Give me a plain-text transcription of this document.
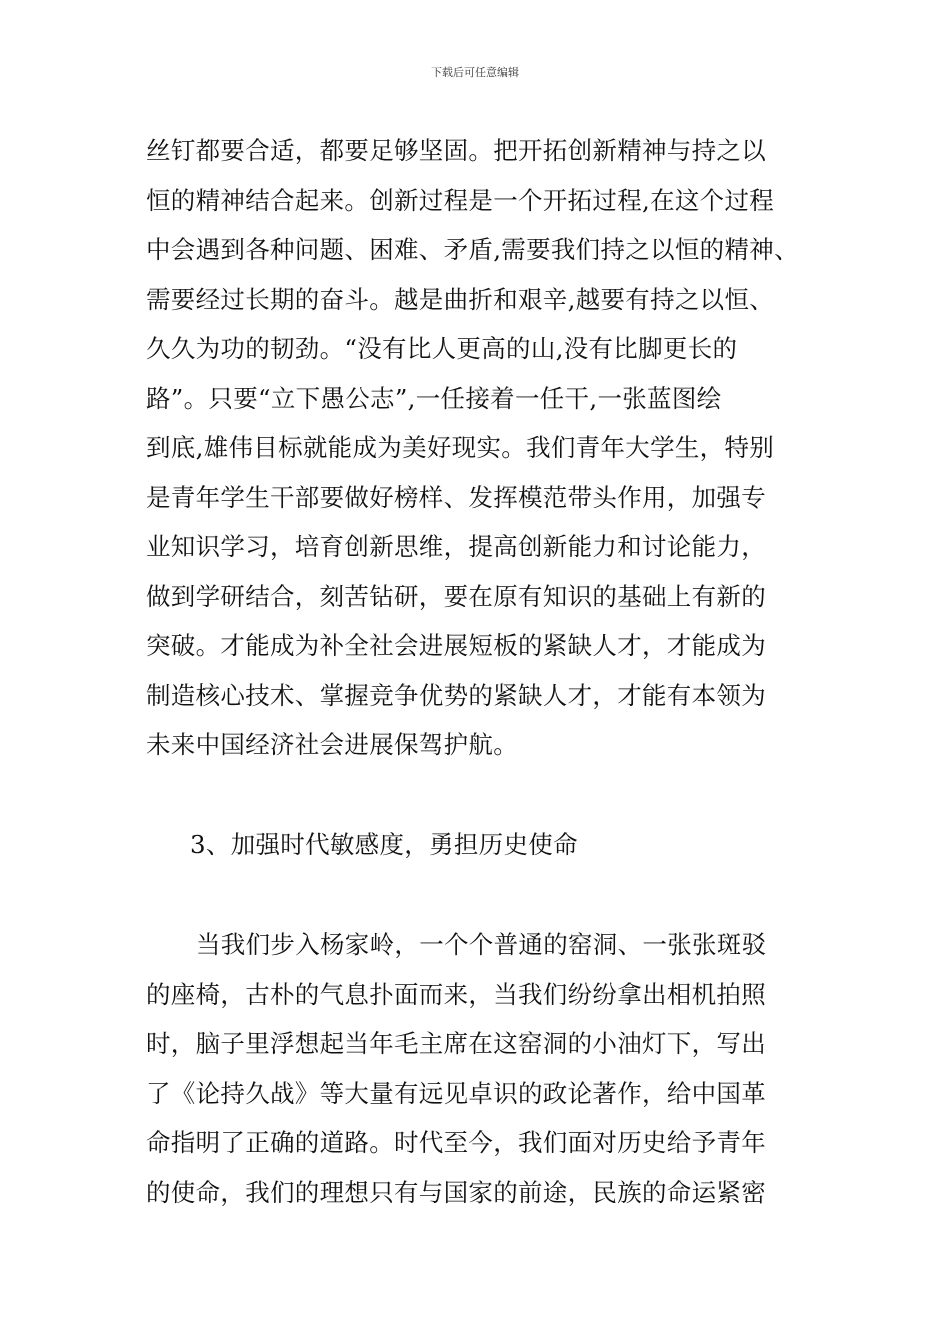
下载后可任意编辑
丝钉都要合适，都要足够坚固。把开拓创新精神与持之以
恒的精神结合起来。创新过程是一个开拓过程,在这个过程
中会遇到各种问题、困难、矛盾,需要我们持之以恒的精神、
需要经过长期的奋斗。越是曲折和艰辛,越要有持之以恒、
久久为功的韧劲。“没有比人更高的山,没有比脚更长的
路”。只要“立下愚公志”,一任接着一任干,一张蓝图绘
到底,雄伟目标就能成为美好现实。我们青年大学生，特别
是青年学生干部要做好榜样、发挥模范带头作用，加强专
业知识学习，培育创新思维，提高创新能力和讨论能力，
做到学研结合，刻苦钻研，要在原有知识的基础上有新的
突破。才能成为补全社会进展短板的紧缺人才，才能成为
制造核心技术、掌握竞争优势的紧缺人才，才能有本领为
未来中国经济社会进展保驾护航。
3、加强时代敏感度，勇担历史使命
当我们步入杨家岭，一个个普通的窑洞、一张张斑驳
的座椅，古朴的气息扑面而来，当我们纷纷拿出相机拍照
时，脑子里浮想起当年毛主席在这窑洞的小油灯下，写出
了《论持久战》等大量有远见卓识的政论著作，给中国革
命指明了正确的道路。时代至今，我们面对历史给予青年
的使命，我们的理想只有与国家的前途，民族的命运紧密
